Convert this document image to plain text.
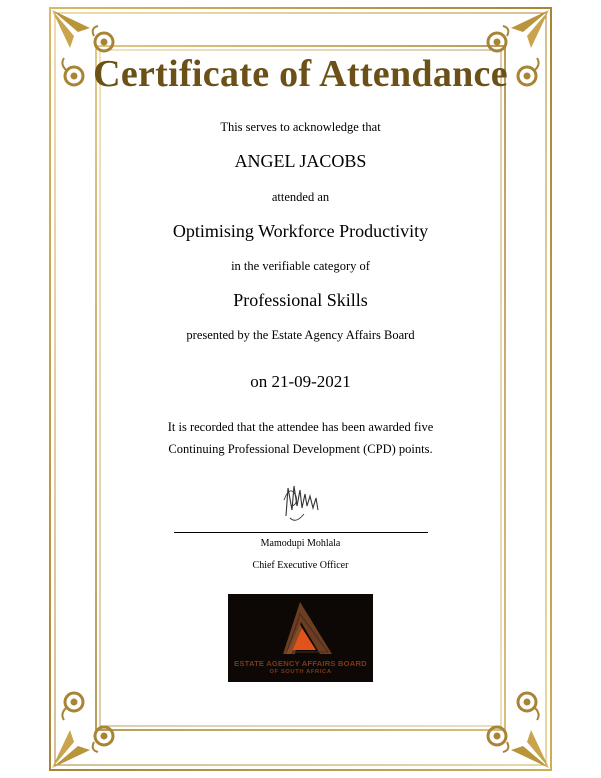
Certificate of Attendance
This serves to acknowledge that
ANGEL JACOBS
attended an
Optimising Workforce Productivity
in the verifiable category of
Professional Skills
presented by the Estate Agency Affairs Board
on 21-09-2021
It is recorded that the attendee has been awarded five
Continuing Professional Development (CPD) points.
Mamodupi Mohlala
Chief Executive Officer
ESTATE AGENCY AFFAIRS BOARD
OF SOUTH AFRICA
